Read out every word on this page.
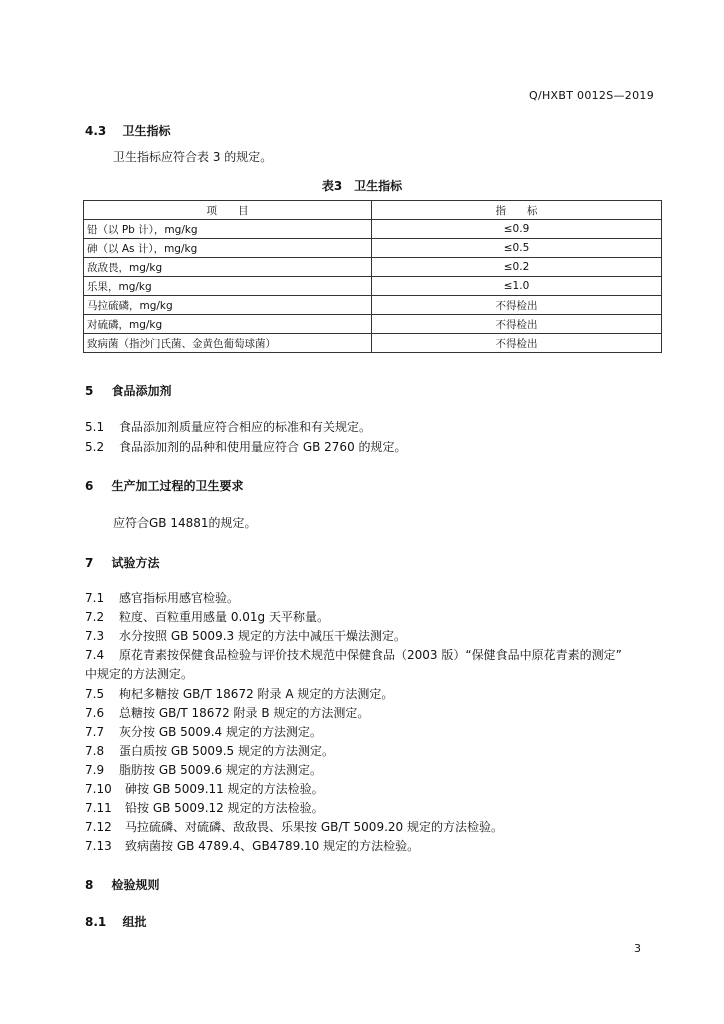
Q/HXBT 0012S—2019
4.3 卫生指标
卫生指标应符合表 3 的规定。
表3　卫生指标
项　　目	指　　标
铅（以 Pb 计），mg/kg	≤0.9
砷（以 As 计），mg/kg	≤0.5
敌敌畏，mg/kg	≤0.2
乐果，mg/kg	≤1.0
马拉硫磷，mg/kg	不得检出
对硫磷，mg/kg	不得检出
致病菌（指沙门氏菌、金黄色葡萄球菌）	不得检出
5 食品添加剂
5.1 食品添加剂质量应符合相应的标准和有关规定。
5.2 食品添加剂的品种和使用量应符合 GB 2760 的规定。
6 生产加工过程的卫生要求
应符合GB 14881的规定。
7 试验方法
7.1 感官指标用感官检验。
7.2 粒度、百粒重用感量 0.01g 天平称量。
7.3 水分按照 GB 5009.3 规定的方法中减压干燥法测定。
7.4 原花青素按保健食品检验与评价技术规范中保健食品（2003 版）“保健食品中原花青素的测定”
中规定的方法测定。
7.5 枸杞多糖按 GB/T 18672 附录 A 规定的方法测定。
7.6 总糖按 GB/T 18672 附录 B 规定的方法测定。
7.7 灰分按 GB 5009.4 规定的方法测定。
7.8 蛋白质按 GB 5009.5 规定的方法测定。
7.9 脂肪按 GB 5009.6 规定的方法测定。
7.10 砷按 GB 5009.11 规定的方法检验。
7.11 铅按 GB 5009.12 规定的方法检验。
7.12 马拉硫磷、对硫磷、敌敌畏、乐果按 GB/T 5009.20 规定的方法检验。
7.13 致病菌按 GB 4789.4、GB4789.10 规定的方法检验。
8 检验规则
8.1 组批
3
